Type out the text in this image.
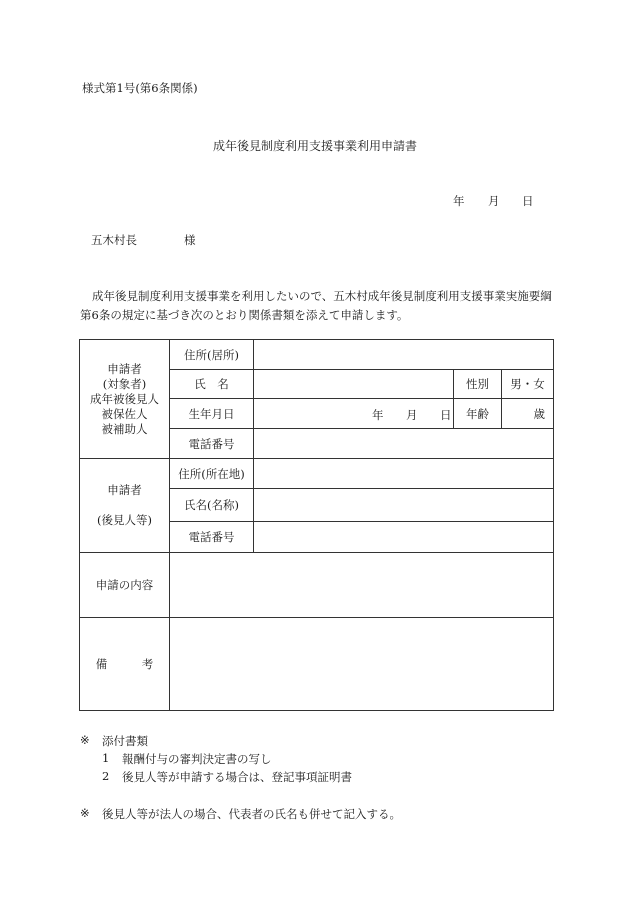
様式第1号(第6条関係)
成年後見制度利用支援事業利用申請書
年 月 日
五木村長	様
成年後見制度利用支援事業を利用したいので、五木村成年後見制度利用支援事業実施要綱第6条の規定に基づき次のとおり関係書類を添えて申請します。
申請者
(対象者)
成年被後見人
被保佐人
被補助人	住所(居所)			
	氏　名		性別	男・女
	生年月日	年 月 日	年齢	歳
	電話番号			

申請者
(後見人等)	住所(所在地)			
	氏名(名称)			
	電話番号			
申請の内容				
備　　　考				
※ 添付書類
1 報酬付与の審判決定書の写し
2 後見人等が申請する場合は、登記事項証明書
※ 後見人等が法人の場合、代表者の氏名も併せて記入する。
